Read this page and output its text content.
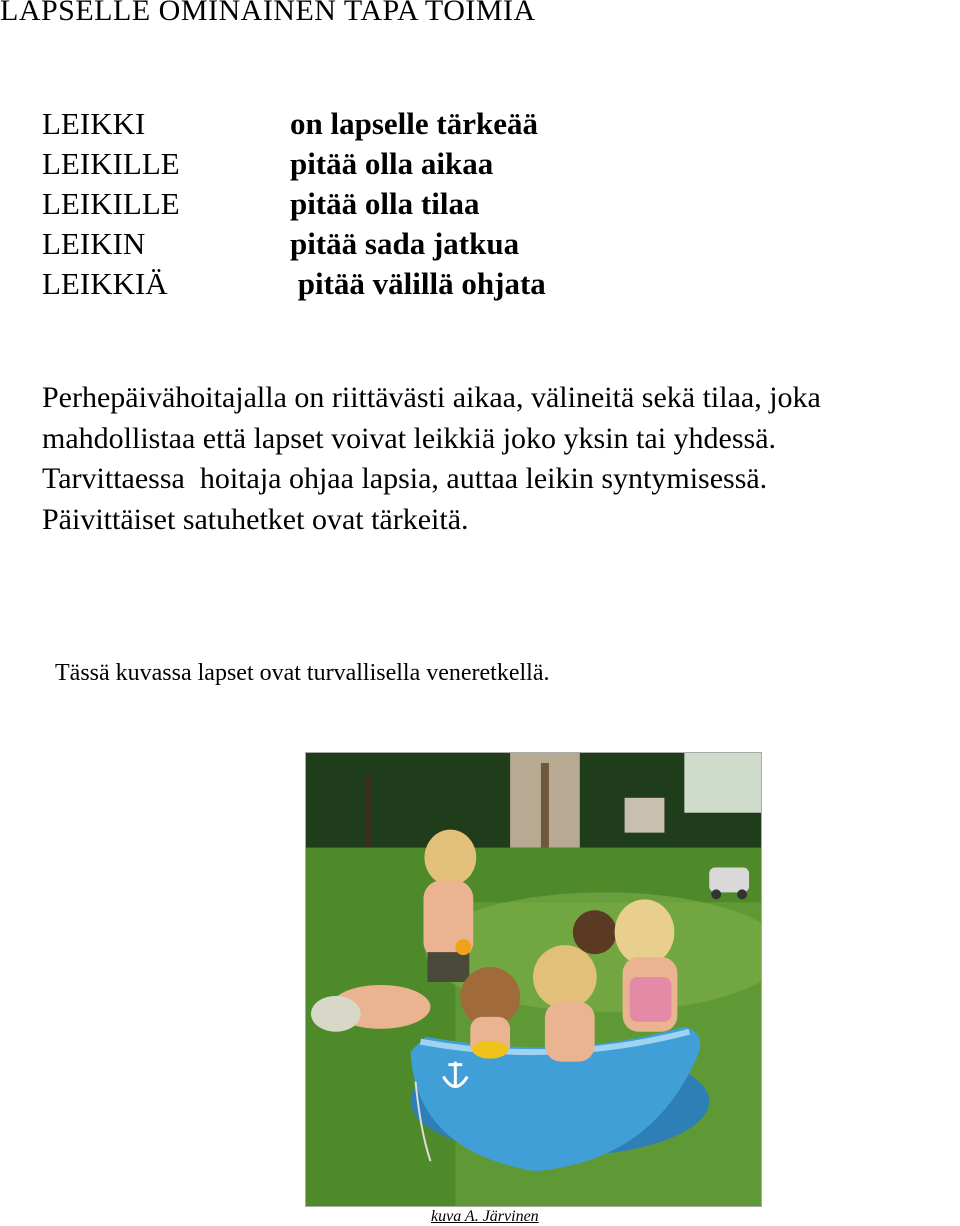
LAPSELLE OMINAINEN TAPA TOIMIA
LEIKKI	on lapselle tärkeää
LEIKILLE	pitää olla aikaa
LEIKILLE	pitää olla tilaa
LEIKIN	pitää sada jatkua
LEIKKIÄ	pitää välillä ohjata
Perhepäivähoitajalla on riittävästi aikaa, välineitä sekä tilaa, joka
mahdollistaa että lapset voivat leikkiä joko yksin tai yhdessä.
Tarvittaessa  hoitaja ohjaa lapsia, auttaa leikin syntymisessä.
Päivittäiset satuhetket ovat tärkeitä.
Tässä kuvassa lapset ovat turvallisella veneretkellä.
kuva A. Järvinen
